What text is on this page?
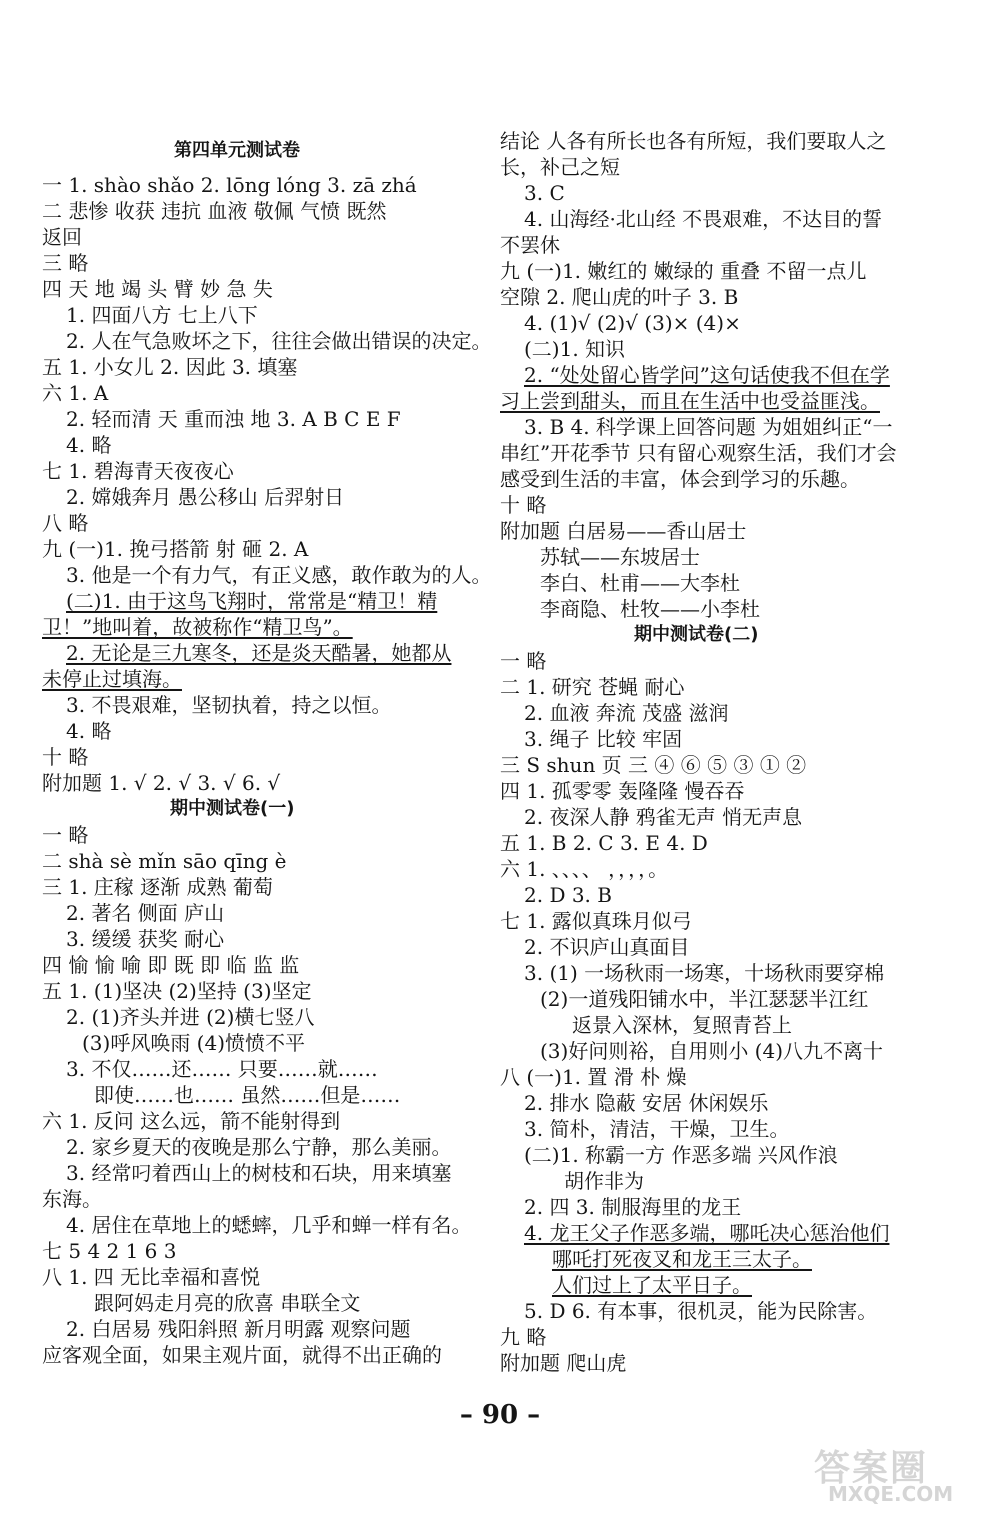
第四单元测试卷
一 1. shào shǎo 2. lōng lóng 3. zā zhá
二 悲惨 收获 违抗 血液 敬佩 气愤 既然
返回
三 略
四 天 地 竭 头 臂 妙 急 失
1. 四面八方 七上八下
2. 人在气急败坏之下，往往会做出错误的决定。
五 1. 小女儿 2. 因此 3. 填塞
六 1. A
2. 轻而清 天 重而浊 地 3. A B C E F
4. 略
七 1. 碧海青天夜夜心
2. 嫦娥奔月 愚公移山 后羿射日
八 略
九 (一)1. 挽弓搭箭 射 砸 2. A
3. 他是一个有力气，有正义感，敢作敢为的人。
(二)1. 由于这鸟飞翔时，常常是“精卫！精
卫！”地叫着，故被称作“精卫鸟”。
2. 无论是三九寒冬，还是炎天酷暑，她都从
未停止过填海。
3. 不畏艰难，坚韧执着，持之以恒。
4. 略
十 略
附加题 1. √ 2. √ 3. √ 6. √
期中测试卷(一)
一 略
二 shà sè mǐn sāo qīng è
三 1. 庄稼 逐渐 成熟 葡萄
2. 著名 侧面 庐山
3. 缓缓 获奖 耐心
四 愉 愉 喻 即 既 即 临 监 监
五 1. (1)坚决 (2)坚持 (3)坚定
2. (1)齐头并进 (2)横七竖八
(3)呼风唤雨 (4)愤愤不平
3. 不仅……还…… 只要……就……
即使……也…… 虽然……但是……
六 1. 反问 这么远，箭不能射得到
2. 家乡夏天的夜晚是那么宁静，那么美丽。
3. 经常叼着西山上的树枝和石块，用来填塞
东海。
4. 居住在草地上的蟋蟀，几乎和蝉一样有名。
七 5 4 2 1 6 3
八 1. 四 无比幸福和喜悦
跟阿妈走月亮的欣喜 串联全文
2. 白居易 残阳斜照 新月明露 观察问题
应客观全面，如果主观片面，就得不出正确的
结论 人各有所长也各有所短，我们要取人之
长，补己之短
3. C
4. 山海经·北山经 不畏艰难，不达目的誓
不罢休
九 (一)1. 嫩红的 嫩绿的 重叠 不留一点儿
空隙 2. 爬山虎的叶子 3. B
4. (1)√ (2)√ (3)× (4)×
(二)1. 知识
2. “处处留心皆学问”这句话使我不但在学
习上尝到甜头，而且在生活中也受益匪浅。
3. B 4. 科学课上回答问题 为姐姐纠正“一
串红”开花季节 只有留心观察生活，我们才会
感受到生活的丰富，体会到学习的乐趣。
十 略
附加题 白居易——香山居士
苏轼——东坡居士
李白、杜甫——大李杜
李商隐、杜牧——小李杜
期中测试卷(二)
一 略
二 1. 研究 苍蝇 耐心
2. 血液 奔流 茂盛 滋润
3. 绳子 比较 牢固
三 S shun 页 三 ④ ⑥ ⑤ ③ ① ②
四 1. 孤零零 轰隆隆 慢吞吞
2. 夜深人静 鸦雀无声 悄无声息
五 1. B 2. C 3. E 4. D
六 1. 、、、、 ，，，，。
2. D 3. B
七 1. 露似真珠月似弓
2. 不识庐山真面目
3. (1) 一场秋雨一场寒，十场秋雨要穿棉
(2)一道残阳铺水中，半江瑟瑟半江红
返景入深林，复照青苔上
(3)好问则裕，自用则小 (4)八九不离十
八 (一)1. 置 滑 朴 燥
2. 排水 隐蔽 安居 休闲娱乐
3. 简朴，清洁，干燥，卫生。
(二)1. 称霸一方 作恶多端 兴风作浪
胡作非为
2. 四 3. 制服海里的龙王
4. 龙王父子作恶多端，哪吒决心惩治他们
哪吒打死夜叉和龙王三太子。
人们过上了太平日子。
5. D 6. 有本事，很机灵，能为民除害。
九 略
附加题 爬山虎
– 90 –
答案圈
MXQE.COM
